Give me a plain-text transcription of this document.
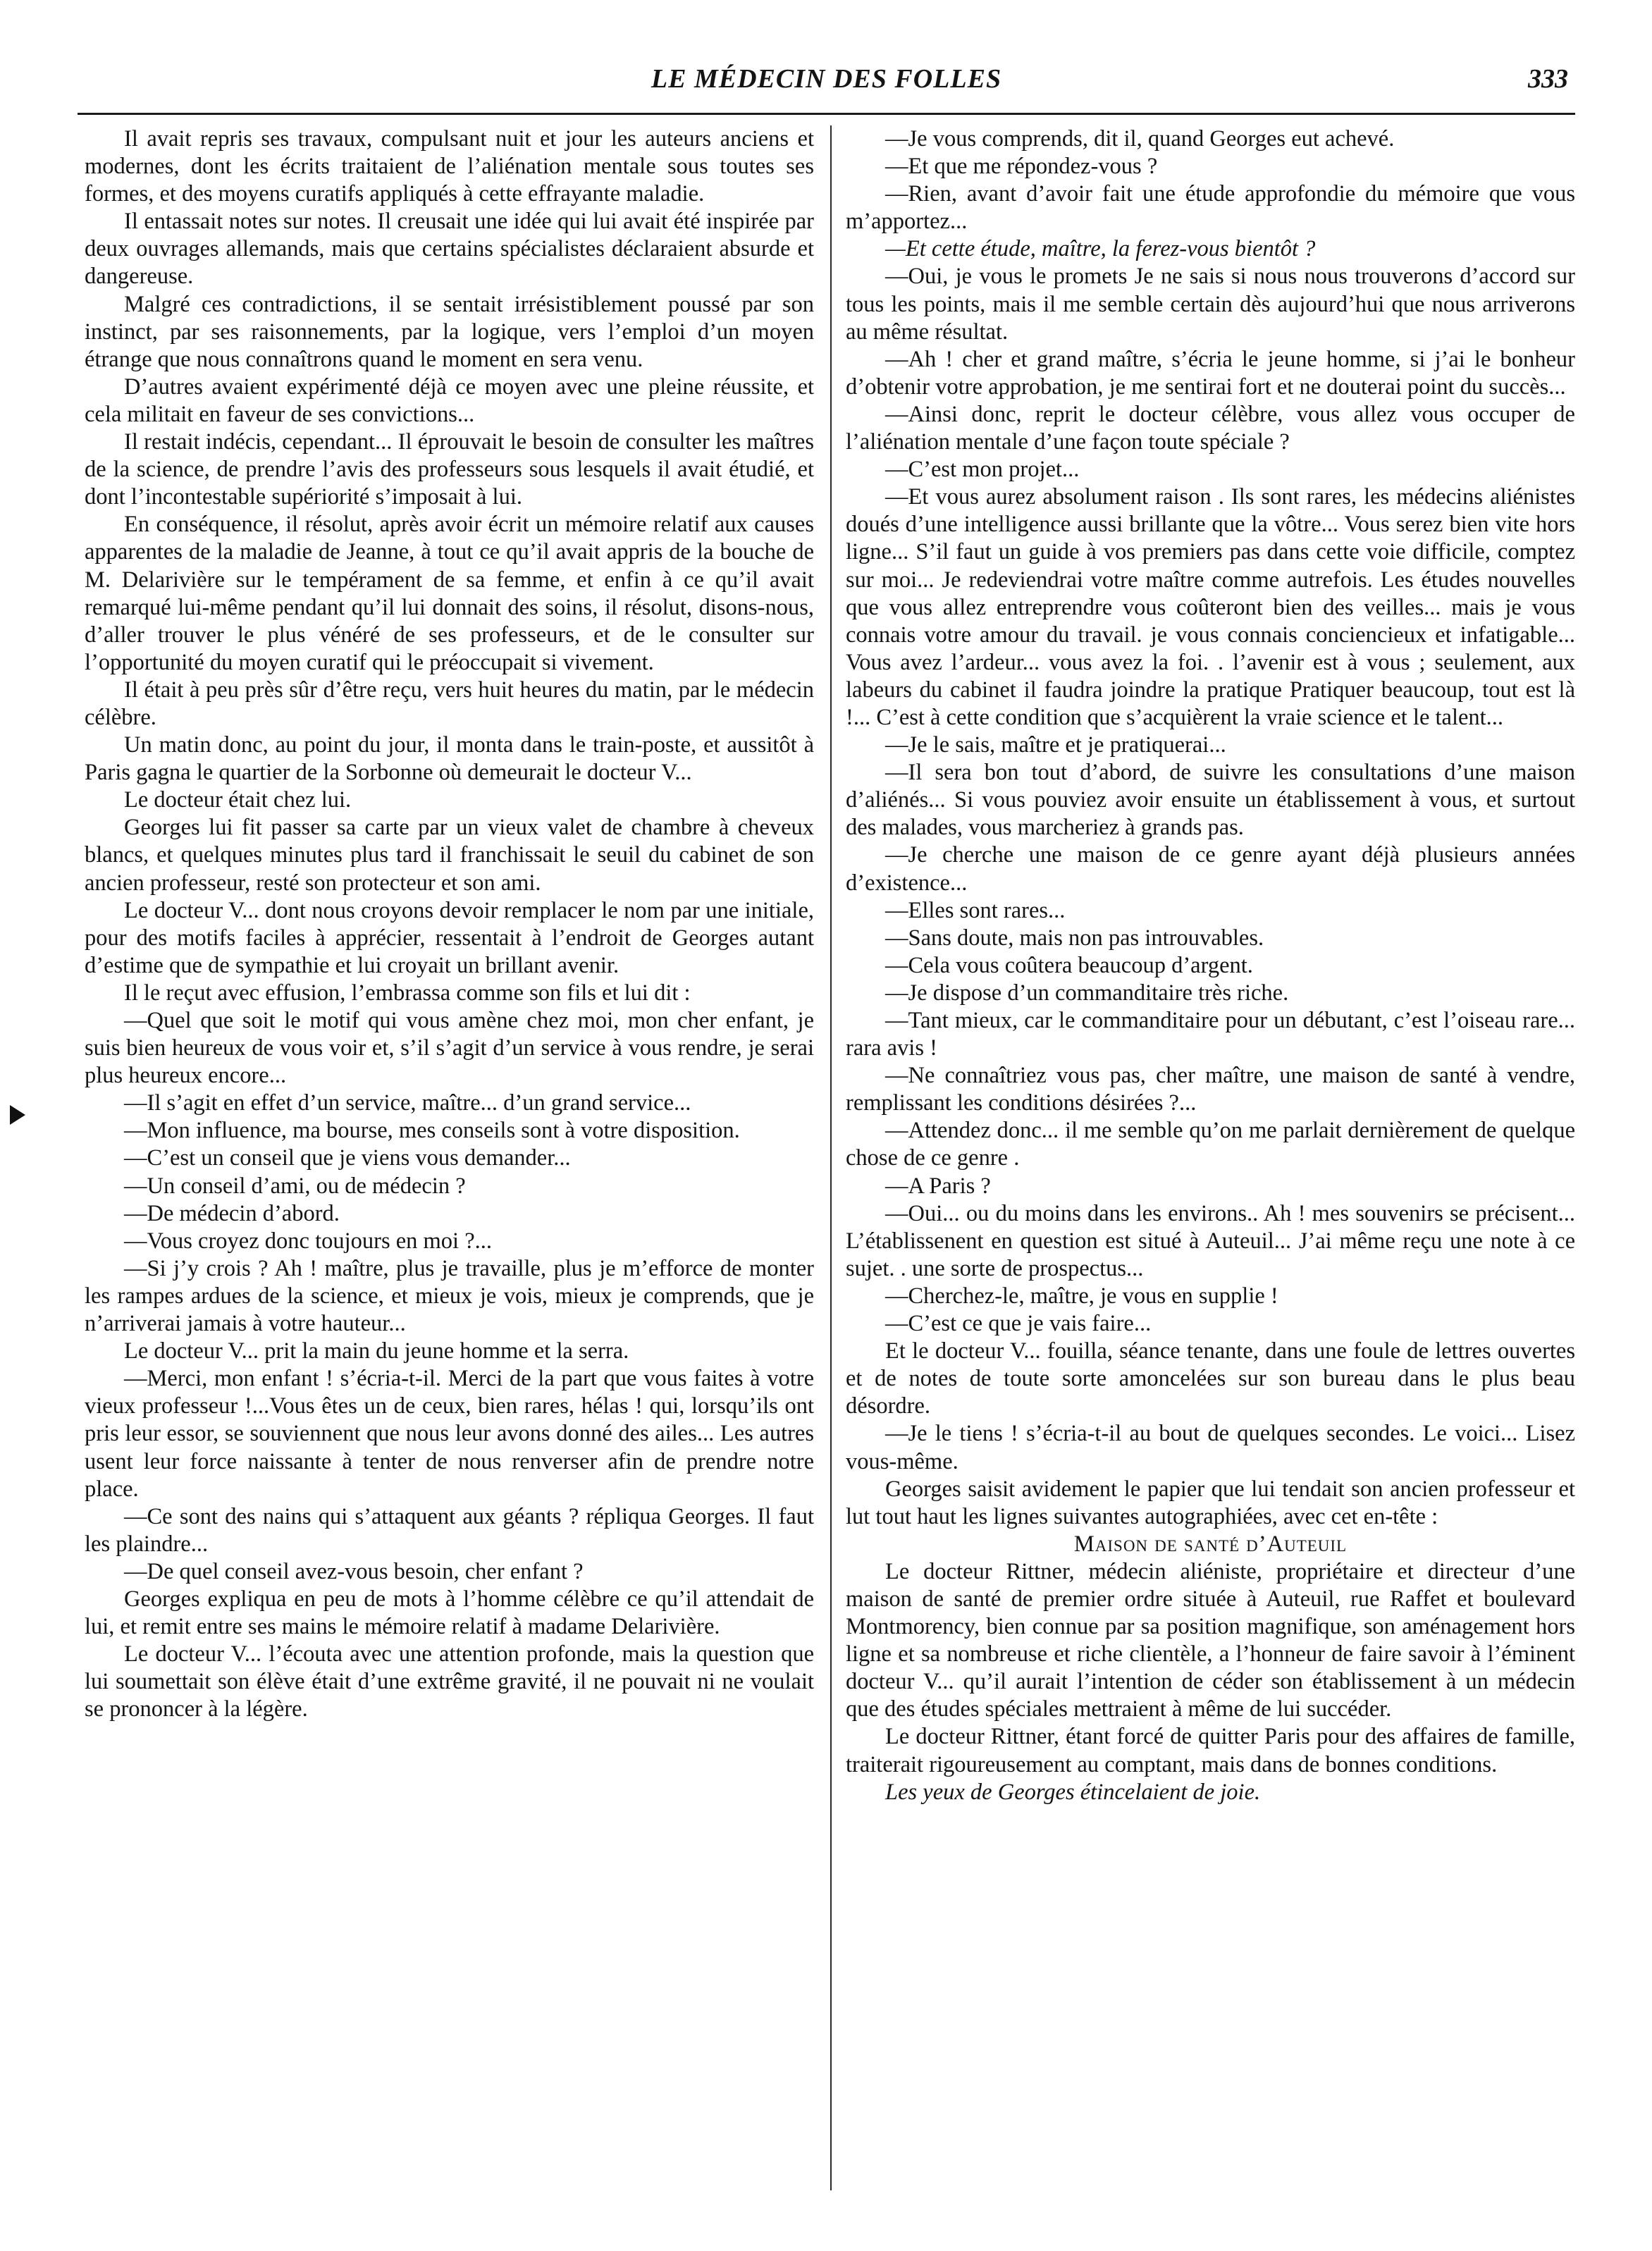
LE MÉDECIN DES FOLLES	333

Il avait repris ses travaux, compulsant nuit et jour les auteurs anciens et modernes, dont les écrits traitaient de l’aliénation mentale sous toutes ses formes, et des moyens curatifs appliqués à cette effrayante maladie.

Il entassait notes sur notes. Il creusait une idée qui lui avait été inspirée par deux ouvrages allemands, mais que certains spécialistes déclaraient absurde et dangereuse.

Malgré ces contradictions, il se sentait irrésistiblement poussé par son instinct, par ses raisonnements, par la logique, vers l’emploi d’un moyen étrange que nous connaîtrons quand le moment en sera venu.

D’autres avaient expérimenté déjà ce moyen avec une pleine réussite, et cela militait en faveur de ses convictions...

Il restait indécis, cependant... Il éprouvait le besoin de consulter les maîtres de la science, de prendre l’avis des professeurs sous lesquels il avait étudié, et dont l’incontestable supériorité s’imposait à lui.

En conséquence, il résolut, après avoir écrit un mémoire relatif aux causes apparentes de la maladie de Jeanne, à tout ce qu’il avait appris de la bouche de M. Delarivière sur le tempérament de sa femme, et enfin à ce qu’il avait remarqué lui-même pendant qu’il lui donnait des soins, il résolut, disons-nous, d’aller trouver le plus vénéré de ses professeurs, et de le consulter sur l’opportunité du moyen curatif qui le préoccupait si vivement.

Il était à peu près sûr d’être reçu, vers huit heures du matin, par le médecin célèbre.

Un matin donc, au point du jour, il monta dans le train-poste, et aussitôt à Paris gagna le quartier de la Sorbonne où demeurait le docteur V...

Le docteur était chez lui.

Georges lui fit passer sa carte par un vieux valet de chambre à cheveux blancs, et quelques minutes plus tard il franchissait le seuil du cabinet de son ancien professeur, resté son protecteur et son ami.

Le docteur V... dont nous croyons devoir remplacer le nom par une initiale, pour des motifs faciles à apprécier, ressentait à l’endroit de Georges autant d’estime que de sympathie et lui croyait un brillant avenir.

Il le reçut avec effusion, l’embrassa comme son fils et lui dit :

—Quel que soit le motif qui vous amène chez moi, mon cher enfant, je suis bien heureux de vous voir et, s’il s’agit d’un service à vous rendre, je serai plus heureux encore...

—Il s’agit en effet d’un service, maître... d’un grand service...

—Mon influence, ma bourse, mes conseils sont à votre disposition.

—C’est un conseil que je viens vous demander...

—Un conseil d’ami, ou de médecin ?

—De médecin d’abord.

—Vous croyez donc toujours en moi ?...

—Si j’y crois ? Ah ! maître, plus je travaille, plus je m’efforce de monter les rampes ardues de la science, et mieux je vois, mieux je comprends, que je n’arriverai jamais à votre hauteur...

Le docteur V... prit la main du jeune homme et la serra.

—Merci, mon enfant ! s’écria-t-il. Merci de la part que vous faites à votre vieux professeur !...Vous êtes un de ceux, bien rares, hélas ! qui, lorsqu’ils ont pris leur essor, se souviennent que nous leur avons donné des ailes... Les autres usent leur force naissante à tenter de nous renverser afin de prendre notre place.

—Ce sont des nains qui s’attaquent aux géants ? répliqua Georges. Il faut les plaindre...

—De quel conseil avez-vous besoin, cher enfant ?

Georges expliqua en peu de mots à l’homme célèbre ce qu’il attendait de lui, et remit entre ses mains le mémoire relatif à madame Delarivière.

Le docteur V... l’écouta avec une attention profonde, mais la question que lui soumettait son élève était d’une extrême gravité, il ne pouvait ni ne voulait se prononcer à la légère.

—Je vous comprends, dit il, quand Georges eut achevé.

—Et que me répondez-vous ?

—Rien, avant d’avoir fait une étude approfondie du mémoire que vous m’apportez...

—Et cette étude, maître, la ferez-vous bientôt ?

—Oui, je vous le promets Je ne sais si nous nous trouverons d’accord sur tous les points, mais il me semble certain dès aujourd’hui que nous arriverons au même résultat.

—Ah ! cher et grand maître, s’écria le jeune homme, si j’ai le bonheur d’obtenir votre approbation, je me sentirai fort et ne douterai point du succès...

—Ainsi donc, reprit le docteur célèbre, vous allez vous occuper de l’aliénation mentale d’une façon toute spéciale ?

—C’est mon projet...

—Et vous aurez absolument raison . Ils sont rares, les médecins aliénistes doués d’une intelligence aussi brillante que la vôtre... Vous serez bien vite hors ligne... S’il faut un guide à vos premiers pas dans cette voie difficile, comptez sur moi... Je redeviendrai votre maître comme autrefois. Les études nouvelles que vous allez entreprendre vous coûteront bien des veilles... mais je vous connais votre amour du travail. je vous connais conciencieux et infatigable... Vous avez l’ardeur... vous avez la foi. . l’avenir est à vous ; seulement, aux labeurs du cabinet il faudra joindre la pratique Pratiquer beaucoup, tout est là !... C’est à cette condition que s’acquièrent la vraie science et le talent...

—Je le sais, maître et je pratiquerai...

—Il sera bon tout d’abord, de suivre les consultations d’une maison d’aliénés... Si vous pouviez avoir ensuite un établissement à vous, et surtout des malades, vous marcheriez à grands pas.

—Je cherche une maison de ce genre ayant déjà plusieurs années d’existence...

—Elles sont rares...

—Sans doute, mais non pas introuvables.

—Cela vous coûtera beaucoup d’argent.

—Je dispose d’un commanditaire très riche.

—Tant mieux, car le commanditaire pour un débutant, c’est l’oiseau rare... rara avis !

—Ne connaîtriez vous pas, cher maître, une maison de santé à vendre, remplissant les conditions désirées ?...

—Attendez donc... il me semble qu’on me parlait dernièrement de quelque chose de ce genre .

—A Paris ?

—Oui... ou du moins dans les environs.. Ah ! mes souvenirs se précisent... L’établissenent en question est situé à Auteuil... J’ai même reçu une note à ce sujet. . une sorte de prospectus...

—Cherchez-le, maître, je vous en supplie !

—C’est ce que je vais faire...

Et le docteur V... fouilla, séance tenante, dans une foule de lettres ouvertes et de notes de toute sorte amoncelées sur son bureau dans le plus beau désordre.

—Je le tiens ! s’écria-t-il au bout de quelques secondes. Le voici... Lisez vous-même.

Georges saisit avidement le papier que lui tendait son ancien professeur et lut tout haut les lignes suivantes autographiées, avec cet en-tête :

Maison de santé d’Auteuil

Le docteur Rittner, médecin aliéniste, propriétaire et directeur d’une maison de santé de premier ordre située à Auteuil, rue Raffet et boulevard Montmorency, bien connue par sa position magnifique, son aménagement hors ligne et sa nombreuse et riche clientèle, a l’honneur de faire savoir à l’éminent docteur V... qu’il aurait l’intention de céder son établissement à un médecin que des études spéciales mettraient à même de lui succéder.

Le docteur Rittner, étant forcé de quitter Paris pour des affaires de famille, traiterait rigoureusement au comptant, mais dans de bonnes conditions.

Les yeux de Georges étincelaient de joie.
